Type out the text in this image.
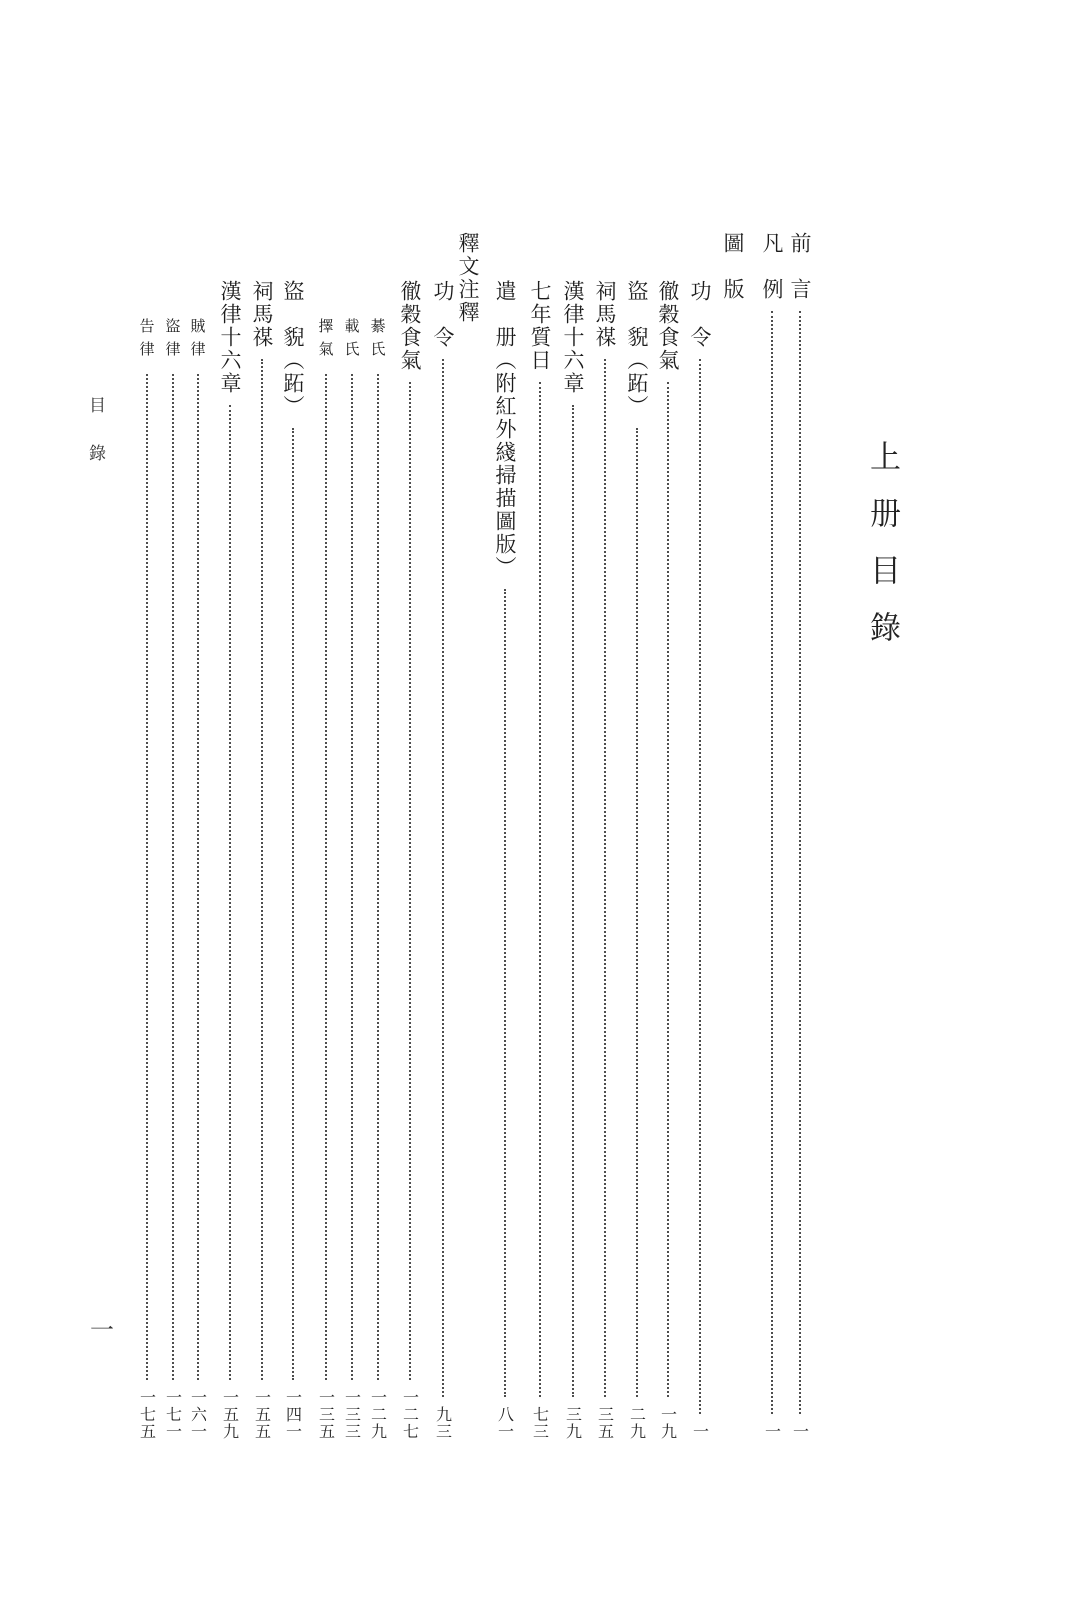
上册目錄
目錄
一
前　言
一
凡　例
一
圖　版
功　令
一
徹穀食氣
一九
盜　貎（跖）
二九
祠馬禖
三五
漢律十六章
三九
七年質日
七三
遣　册（附紅外綫掃描圖版）
八一
釋文注釋
功　令
九三
徹穀食氣
一二七
綦氏
一二九
載氏
一三三
擇氣
一三五
盜　貎（跖）
一四一
祠馬禖
一五五
漢律十六章
一五九
賊律
一六一
盜律
一七一
告律
一七五
